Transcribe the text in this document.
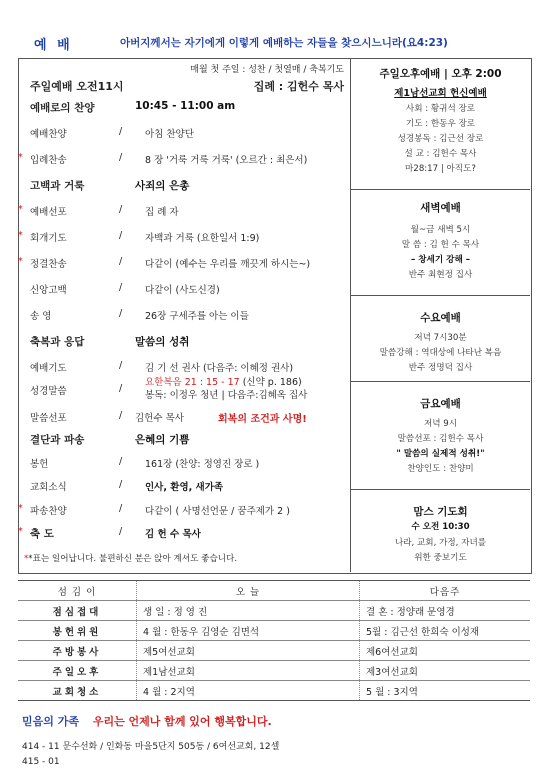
예 배	아버지께서는 자기에게 이렇게 예배하는 자들을 찾으시느니라(요4:23)
매월 첫 주일 : 성찬 / 첫열매 / 축복기도
주일예배 오전11시	집례 : 김헌수 목사
예배로의 찬양	10:45 - 11:00 am
예배찬양	/ 아침 찬양단
* 입례찬송	/ 8 장 '거룩 거룩 거룩' (오르간 : 최은서)
고백과 거룩	사죄의 은총
* 예배선포	/ 집 례 자
* 회개기도	/ 자백과 거룩 (요한일서 1:9)
* 정결찬송	/ 다같이 (예수는 우리를 깨끗게 하시는~)
신앙고백	/ 다같이 (사도신경)
송 영	/ 26장 구세주를 아는 이들
축복과 응답	말씀의 성취
예배기도	/ 김 기 선 권사 (다음주: 이혜정 권사)
성경말씀	/
요한복음 21 : 15 - 17 (신약 p. 186)
봉독: 이정우 청년 | 다음주:김혜옥 집사
말씀선포	/ 김헌수 목사	회복의 조건과 사명!
결단과 파송	은혜의 기쁨
봉헌	/ 161장 (찬양: 정영진 장로 )
교회소식	/ 인사, 환영, 새가족
* 파송찬양	/ 다같이 ( 사명선언문 / 꿈주제가 2 )
* 축 도	/ 김 헌 수 목사
**표는 일어납니다. 불편하신 분은 앉아 계셔도 좋습니다.
주일오후예배 | 오후 2:00
제1남선교회 헌신예배
사회 : 황귀석 장로
기도 : 한동우 장로
성경봉독 : 김근선 장로
설 교 : 김헌수 목사
마28:17 | 아직도?
새벽예배
월~금 새벽 5시
말 씀 : 김 헌 수 목사
– 창세기 강해 –
반주 최현정 집사
수요예배
저녁 7시30분
말씀강해 : 역대상에 나타난 복음
반주 정명덕 집사
금요예배
저녁 9시
말씀선포 : 김헌수 목사
" 말씀의 실제적 성취!"
찬양인도 : 찬양미
맘스 기도회
수 오전 10:30
나라, 교회, 가정, 자녀를
위한 중보기도
섬 김 이	오 늘	다음주
점심접대	생 일 : 정 영 진	결 혼 : 정양래 문영경
봉헌위원	4 월 : 한동우 김영순 김면석	5월 : 김근선 한희숙 이성재
주방봉사	제5여선교회	제6여선교회
주일오후	제1남선교회	제3여선교회
교회청소	4 월 : 2지역	5 월 : 3지역
믿음의 가족 우리는 언제나 함께 있어 행복합니다.
414 - 11 문수선화 / 인화동 마을5단지 505동 / 6여선교회, 12셀
415 - 01
